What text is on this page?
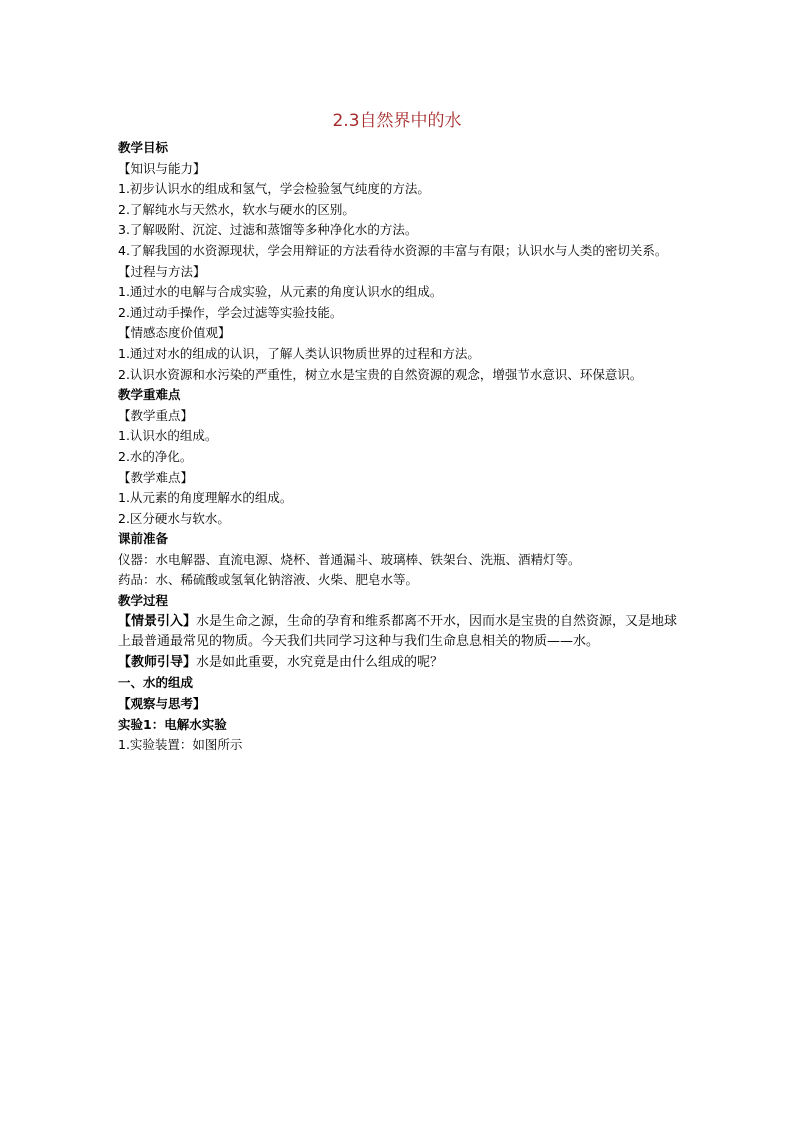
2.3自然界中的水

教学目标

【知识与能力】

1.初步认识水的组成和氢气，学会检验氢气纯度的方法。

2.了解纯水与天然水，软水与硬水的区别。

3.了解吸附、沉淀、过滤和蒸馏等多种净化水的方法。

4.了解我国的水资源现状，学会用辩证的方法看待水资源的丰富与有限；认识水与人类的密切关系。

【过程与方法】

1.通过水的电解与合成实验，从元素的角度认识水的组成。

2.通过动手操作，学会过滤等实验技能。

【情感态度价值观】

1.通过对水的组成的认识，了解人类认识物质世界的过程和方法。

2.认识水资源和水污染的严重性，树立水是宝贵的自然资源的观念，增强节水意识、环保意识。

教学重难点

【教学重点】

1.认识水的组成。

2.水的净化。

【教学难点】

1.从元素的角度理解水的组成。

2.区分硬水与软水。

课前准备

仪器：水电解器、直流电源、烧杯、普通漏斗、玻璃棒、铁架台、洗瓶、酒精灯等。

药品：水、稀硫酸或氢氧化钠溶液、火柴、肥皂水等。

教学过程

【情景引入】水是生命之源，生命的孕育和维系都离不开水，因而水是宝贵的自然资源，又是地球上最普通最常见的物质。今天我们共同学习这种与我们生命息息相关的物质——水。

【教师引导】水是如此重要，水究竟是由什么组成的呢？

一、水的组成

【观察与思考】

实验1：电解水实验

1.实验装置：如图所示
